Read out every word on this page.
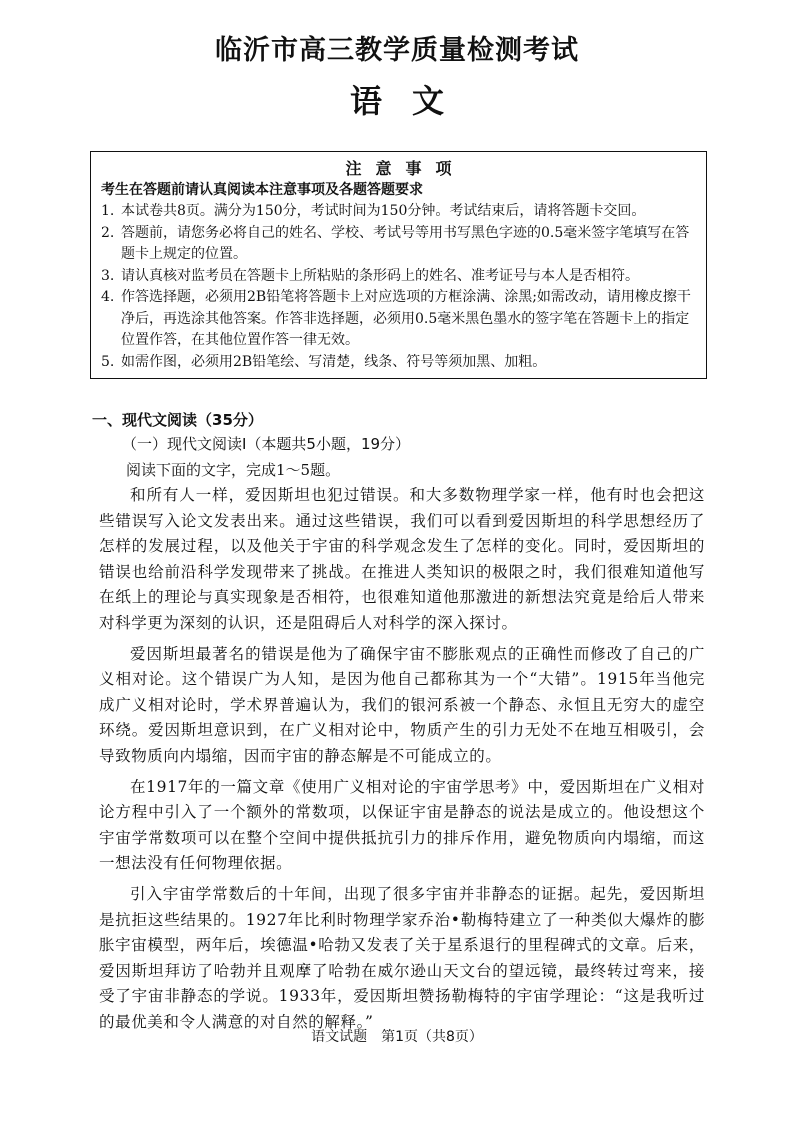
临沂市高三教学质量检测考试
语文
注意事项
考生在答题前请认真阅读本注意事项及各题答题要求
1. 本试卷共8页。满分为150分，考试时间为150分钟。考试结束后，请将答题卡交回。
2. 答题前，请您务必将自己的姓名、学校、考试号等用书写黑色字迹的0.5毫米签字笔填写在答题卡上规定的位置。
3. 请认真核对监考员在答题卡上所粘贴的条形码上的姓名、准考证号与本人是否相符。
4. 作答选择题，必须用2B铅笔将答题卡上对应选项的方框涂满、涂黑;如需改动，请用橡皮擦干净后，再选涂其他答案。作答非选择题，必须用0.5毫米黑色墨水的签字笔在答题卡上的指定位置作答，在其他位置作答一律无效。
5. 如需作图，必须用2B铅笔绘、写清楚，线条、符号等须加黑、加粗。
一、现代文阅读（35分）
（一）现代文阅读Ⅰ（本题共5小题，19分）
阅读下面的文字，完成1～5题。

和所有人一样，爱因斯坦也犯过错误。和大多数物理学家一样，他有时也会把这些错误写入论文发表出来。通过这些错误，我们可以看到爱因斯坦的科学思想经历了怎样的发展过程，以及他关于宇宙的科学观念发生了怎样的变化。同时，爱因斯坦的错误也给前沿科学发现带来了挑战。在推进人类知识的极限之时，我们很难知道他写在纸上的理论与真实现象是否相符，也很难知道他那激进的新想法究竟是给后人带来对科学更为深刻的认识，还是阻碍后人对科学的深入探讨。

爱因斯坦最著名的错误是他为了确保宇宙不膨胀观点的正确性而修改了自己的广义相对论。这个错误广为人知，是因为他自己都称其为一个“大错”。1915年当他完成广义相对论时，学术界普遍认为，我们的银河系被一个静态、永恒且无穷大的虚空环绕。爱因斯坦意识到，在广义相对论中，物质产生的引力无处不在地互相吸引，会导致物质向内塌缩，因而宇宙的静态解是不可能成立的。

在1917年的一篇文章《使用广义相对论的宇宙学思考》中，爱因斯坦在广义相对论方程中引入了一个额外的常数项，以保证宇宙是静态的说法是成立的。他设想这个宇宙学常数项可以在整个空间中提供抵抗引力的排斥作用，避免物质向内塌缩，而这一想法没有任何物理依据。

引入宇宙学常数后的十年间，出现了很多宇宙并非静态的证据。起先，爱因斯坦是抗拒这些结果的。1927年比利时物理学家乔治•勒梅特建立了一种类似大爆炸的膨胀宇宙模型，两年后，埃德温•哈勃又发表了关于星系退行的里程碑式的文章。后来，爱因斯坦拜访了哈勃并且观摩了哈勃在威尔逊山天文台的望远镜，最终转过弯来，接受了宇宙非静态的学说。1933年，爱因斯坦赞扬勒梅特的宇宙学理论：“这是我听过的最优美和令人满意的对自然的解释。”

语文试题　第1页（共8页）
